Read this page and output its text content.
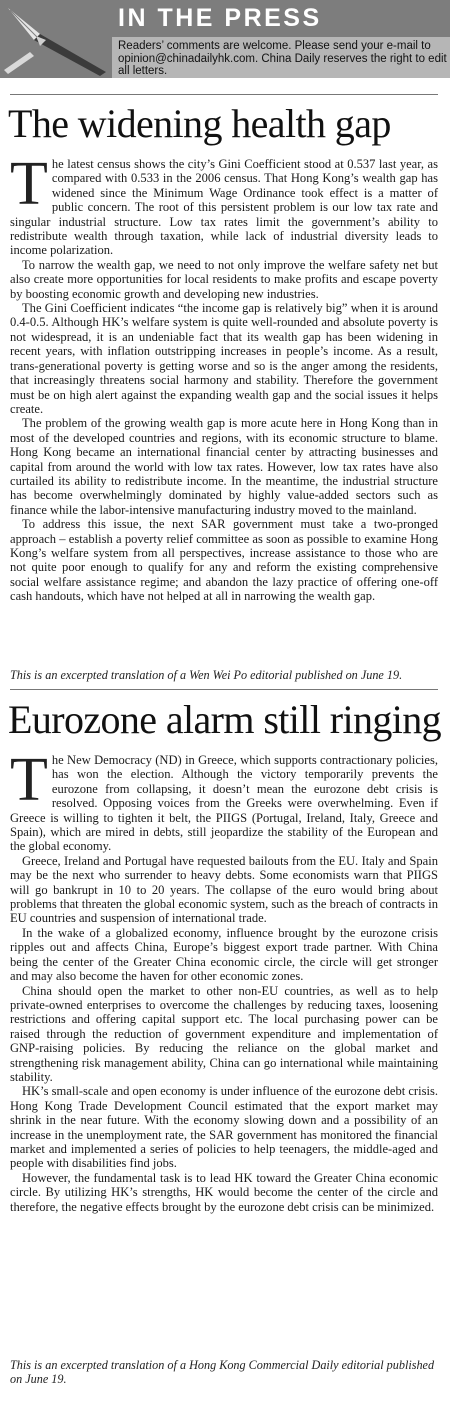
IN THE PRESS
Readers’ comments are welcome. Please send your e-mail to opinion@chinadailyhk.com. China Daily reserves the right to edit all letters.
The widening health gap
T he latest census shows the city’s Gini Coefficient stood at 0.537 last year, as compared with 0.533 in the 2006 census. That Hong Kong’s wealth gap has widened since the Minimum Wage Ordinance took effect is a matter of public concern. The root of this persistent problem is our low tax rate and singular industrial structure. Low tax rates limit the government’s ability to redistribute wealth through taxation, while lack of industrial diversity leads to income polarization.

To narrow the wealth gap, we need to not only improve the welfare safety net but also create more opportunities for local residents to make profits and escape poverty by boosting economic growth and developing new industries.

The Gini Coefficient indicates “the income gap is relatively big” when it is around 0.4-0.5. Although HK’s welfare system is quite well-rounded and absolute poverty is not widespread, it is an undeniable fact that its wealth gap has been widening in recent years, with inflation outstripping increases in people’s income. As a result, trans-generational poverty is getting worse and so is the anger among the residents, that increasingly threatens social harmony and stability. Therefore the government must be on high alert against the expanding wealth gap and the social issues it helps create.

The problem of the growing wealth gap is more acute here in Hong Kong than in most of the developed countries and regions, with its economic structure to blame. Hong Kong became an international financial center by attracting businesses and capital from around the world with low tax rates. However, low tax rates have also curtailed its ability to redistribute income. In the meantime, the industrial structure has become overwhelmingly dominated by highly value-added sectors such as finance while the labor-intensive manufacturing industry moved to the mainland.

To address this issue, the next SAR government must take a two-pronged approach – establish a poverty relief committee as soon as possible to examine Hong Kong’s welfare system from all perspectives, increase assistance to those who are not quite poor enough to qualify for any and reform the existing comprehensive social welfare assistance regime; and abandon the lazy practice of offering one-off cash handouts, which have not helped at all in narrowing the wealth gap.

This is an excerpted translation of a Wen Wei Po editorial published on June 19.
Eurozone alarm still ringing
T he New Democracy (ND) in Greece, which supports contractionary policies, has won the election. Although the victory temporarily prevents the eurozone from collapsing, it doesn’t mean the eurozone debt crisis is resolved. Opposing voices from the Greeks were overwhelming. Even if Greece is willing to tighten it belt, the PIIGS (Portugal, Ireland, Italy, Greece and Spain), which are mired in debts, still jeopardize the stability of the European and the global economy.

Greece, Ireland and Portugal have requested bailouts from the EU. Italy and Spain may be the next who surrender to heavy debts. Some economists warn that PIIGS will go bankrupt in 10 to 20 years. The collapse of the euro would bring about problems that threaten the global economic system, such as the breach of contracts in EU countries and suspension of international trade.

In the wake of a globalized economy, influence brought by the eurozone crisis ripples out and affects China, Europe’s biggest export trade partner. With China being the center of the Greater China economic circle, the circle will get stronger and may also become the haven for other economic zones.

China should open the market to other non-EU countries, as well as to help private-owned enterprises to overcome the challenges by reducing taxes, loosening restrictions and offering capital support etc. The local purchasing power can be raised through the reduction of government expenditure and implementation of GNP-raising policies. By reducing the reliance on the global market and strengthening risk management ability, China can go international while maintaining stability.

HK’s small-scale and open economy is under influence of the eurozone debt crisis. Hong Kong Trade Development Council estimated that the export market may shrink in the near future. With the economy slowing down and a possibility of an increase in the unemployment rate, the SAR government has monitored the financial market and implemented a series of policies to help teenagers, the middle-aged and people with disabilities find jobs.

However, the fundamental task is to lead HK toward the Greater China economic circle. By utilizing HK’s strengths, HK would become the center of the circle and therefore, the negative effects brought by the eurozone debt crisis can be minimized.

This is an excerpted translation of a Hong Kong Commercial Daily editorial published on June 19.
